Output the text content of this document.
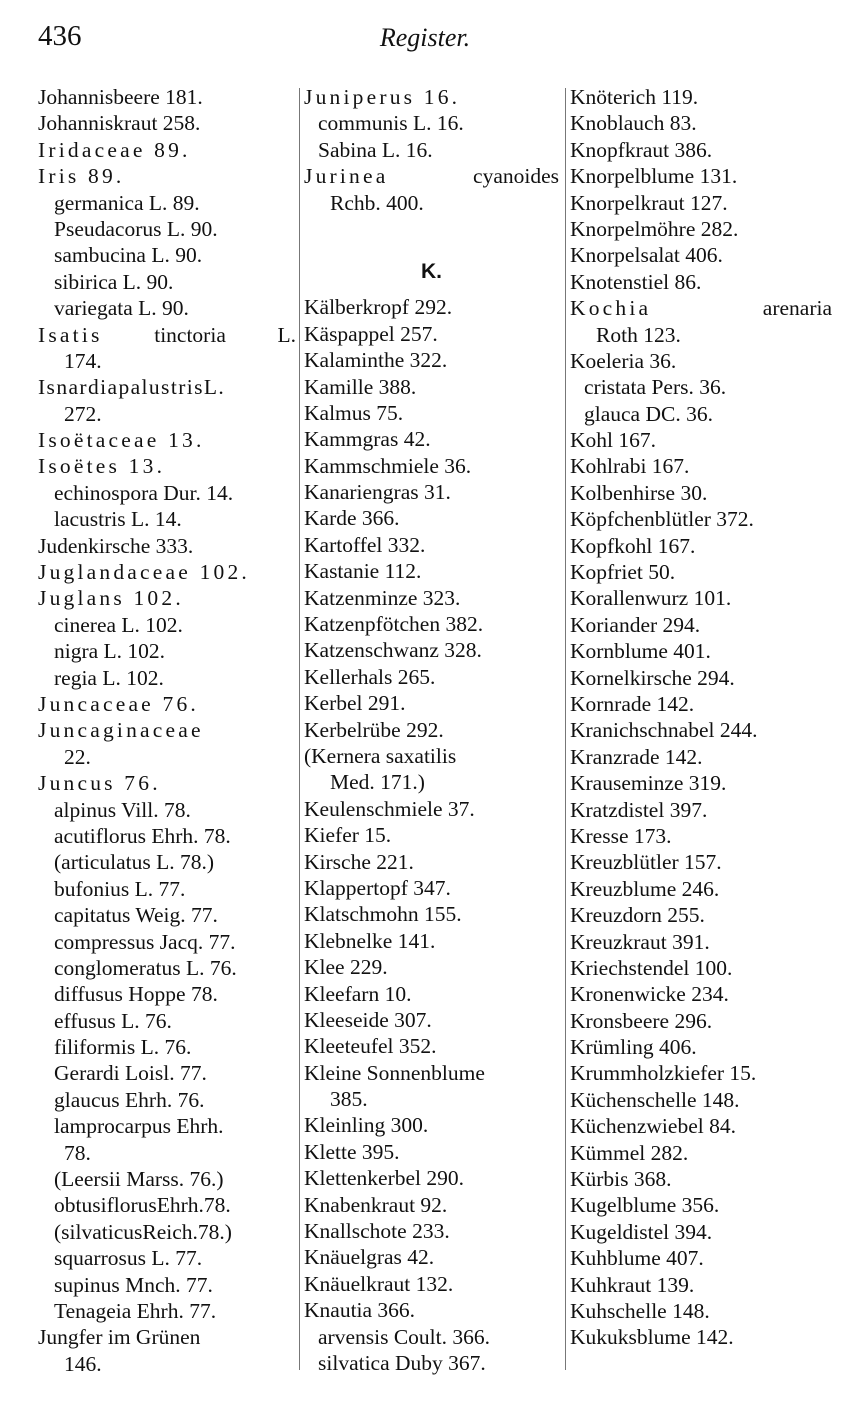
436	Register.
Johannisbeere 181.
Johanniskraut 258.
Iridaceae 89.
Iris 89.
germanica L. 89.
Pseudacorus L. 90.
sambucina L. 90.
sibirica L. 90.
variegata L. 90.
Isatis tinctoria L.
174.
IsnardiapalustrisL.
272.
Isoëtaceae 13.
Isoëtes 13.
echinospora Dur. 14.
lacustris L. 14.
Judenkirsche 333.
Juglandaceae 102.
Juglans 102.
cinerea L. 102.
nigra L. 102.
regia L. 102.
Juncaceae 76.
Juncaginaceae
22.
Juncus 76.
alpinus Vill. 78.
acutiflorus Ehrh. 78.
(articulatus L. 78.)
bufonius L. 77.
capitatus Weig. 77.
compressus Jacq. 77.
conglomeratus L. 76.
diffusus Hoppe 78.
effusus L. 76.
filiformis L. 76.
Gerardi Loisl. 77.
glaucus Ehrh. 76.
lamprocarpus Ehrh.
78.
(Leersii Marss. 76.)
obtusiflorusEhrh.78.
(silvaticusReich.78.)
squarrosus L. 77.
supinus Mnch. 77.
Tenageia Ehrh. 77.
Jungfer im Grünen
146.
Juniperus 16.
communis L. 16.
Sabina L. 16.
Jurinea	cyanoides
Rchb. 400.
K.
Kälberkropf 292.
Käspappel 257.
Kalaminthe 322.
Kamille 388.
Kalmus 75.
Kammgras 42.
Kammschmiele 36.
Kanariengras 31.
Karde 366.
Kartoffel 332.
Kastanie 112.
Katzenminze 323.
Katzenpfötchen 382.
Katzenschwanz 328.
Kellerhals 265.
Kerbel 291.
Kerbelrübe 292.
(Kernera saxatilis
Med. 171.)
Keulenschmiele 37.
Kiefer 15.
Kirsche 221.
Klappertopf 347.
Klatschmohn 155.
Klebnelke 141.
Klee 229.
Kleefarn 10.
Kleeseide 307.
Kleeteufel 352.
Kleine Sonnenblume
385.
Kleinling 300.
Klette 395.
Klettenkerbel 290.
Knabenkraut 92.
Knallschote 233.
Knäuelgras 42.
Knäuelkraut 132.
Knautia 366.
arvensis Coult. 366.
silvatica Duby 367.
Knöterich 119.
Knoblauch 83.
Knopfkraut 386.
Knorpelblume 131.
Knorpelkraut 127.
Knorpelmöhre 282.
Knorpelsalat 406.
Knotenstiel 86.
Kochia	arenaria
Roth 123.
Koeleria 36.
cristata Pers. 36.
glauca DC. 36.
Kohl 167.
Kohlrabi 167.
Kolbenhirse 30.
Köpfchenblütler 372.
Kopfkohl 167.
Kopfriet 50.
Korallenwurz 101.
Koriander 294.
Kornblume 401.
Kornelkirsche 294.
Kornrade 142.
Kranichschnabel 244.
Kranzrade 142.
Krauseminze 319.
Kratzdistel 397.
Kresse 173.
Kreuzblütler 157.
Kreuzblume 246.
Kreuzdorn 255.
Kreuzkraut 391.
Kriechstendel 100.
Kronenwicke 234.
Kronsbeere 296.
Krümling 406.
Krummholzkiefer 15.
Küchenschelle 148.
Küchenzwiebel 84.
Kümmel 282.
Kürbis 368.
Kugelblume 356.
Kugeldistel 394.
Kuhblume 407.
Kuhkraut 139.
Kuhschelle 148.
Kukuksblume 142.
